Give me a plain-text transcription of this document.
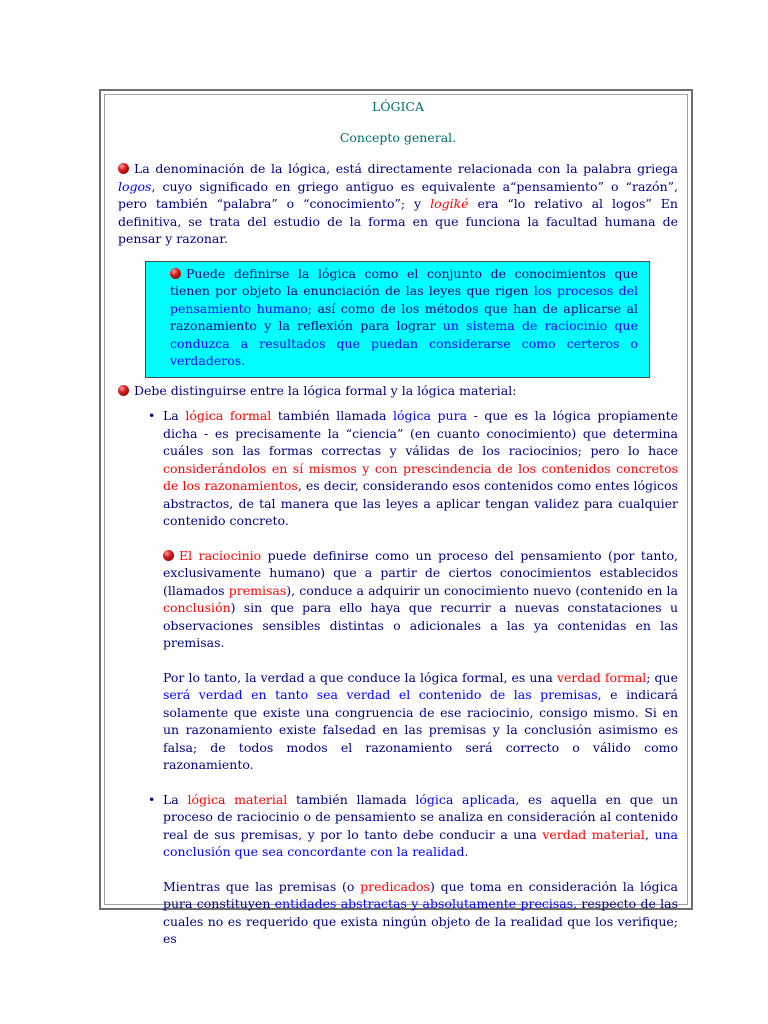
LÓGICA

Concepto general.

La denominación de la lógica, está directamente relacionada con la palabra griega logos, cuyo significado en griego antiguo es equivalente a“pensamiento” o “razón”, pero también “palabra” o “conocimiento”; y logiké era “lo relativo al logos” En definitiva, se trata del estudio de la forma en que funciona la facultad humana de pensar y razonar.

Puede definirse la lógica como el conjunto de conocimientos que tienen por objeto la enunciación de las leyes que rigen los procesos del pensamiento humano; así como de los métodos que han de aplicarse al razonamiento y la reflexión para lograr un sistema de raciocinio que conduzca a resultados que puedan considerarse como certeros o verdaderos.

Debe distinguirse entre la lógica formal y la lógica material:

• La lógica formal también llamada lógica pura - que es la lógica propiamente dicha - es precisamente la “ciencia” (en cuanto conocimiento) que determina cuáles son las formas correctas y válidas de los raciocinios; pero lo hace considerándolos en sí mismos y con prescindencia de los contenidos concretos de los razonamientos, es decir, considerando esos contenidos como entes lógicos abstractos, de tal manera que las leyes a aplicar tengan validez para cualquier contenido concreto.

El raciocinio puede definirse como un proceso del pensamiento (por tanto, exclusivamente humano) que a partir de ciertos conocimientos establecidos (llamados premisas), conduce a adquirir un conocimiento nuevo (contenido en la conclusión) sin que para ello haya que recurrir a nuevas constataciones u observaciones sensibles distintas o adicionales a las ya contenidas en las premisas.

Por lo tanto, la verdad a que conduce la lógica formal, es una verdad formal; que será verdad en tanto sea verdad el contenido de las premisas, e indicará solamente que existe una congruencia de ese raciocinio, consigo mismo. Si en un razonamiento existe falsedad en las premisas y la conclusión asimismo es falsa; de todos modos el razonamiento será correcto o válido como razonamiento.

• La lógica material también llamada lógica aplicada, es aquella en que un proceso de raciocinio o de pensamiento se analiza en consideración al contenido real de sus premisas, y por lo tanto debe conducir a una verdad material, una conclusión que sea concordante con la realidad.

Mientras que las premisas (o predicados) que toma en consideración la lógica pura constituyen entidades abstractas y absolutamente precisas, respecto de las cuales no es requerido que exista ningún objeto de la realidad que los verifique; es
